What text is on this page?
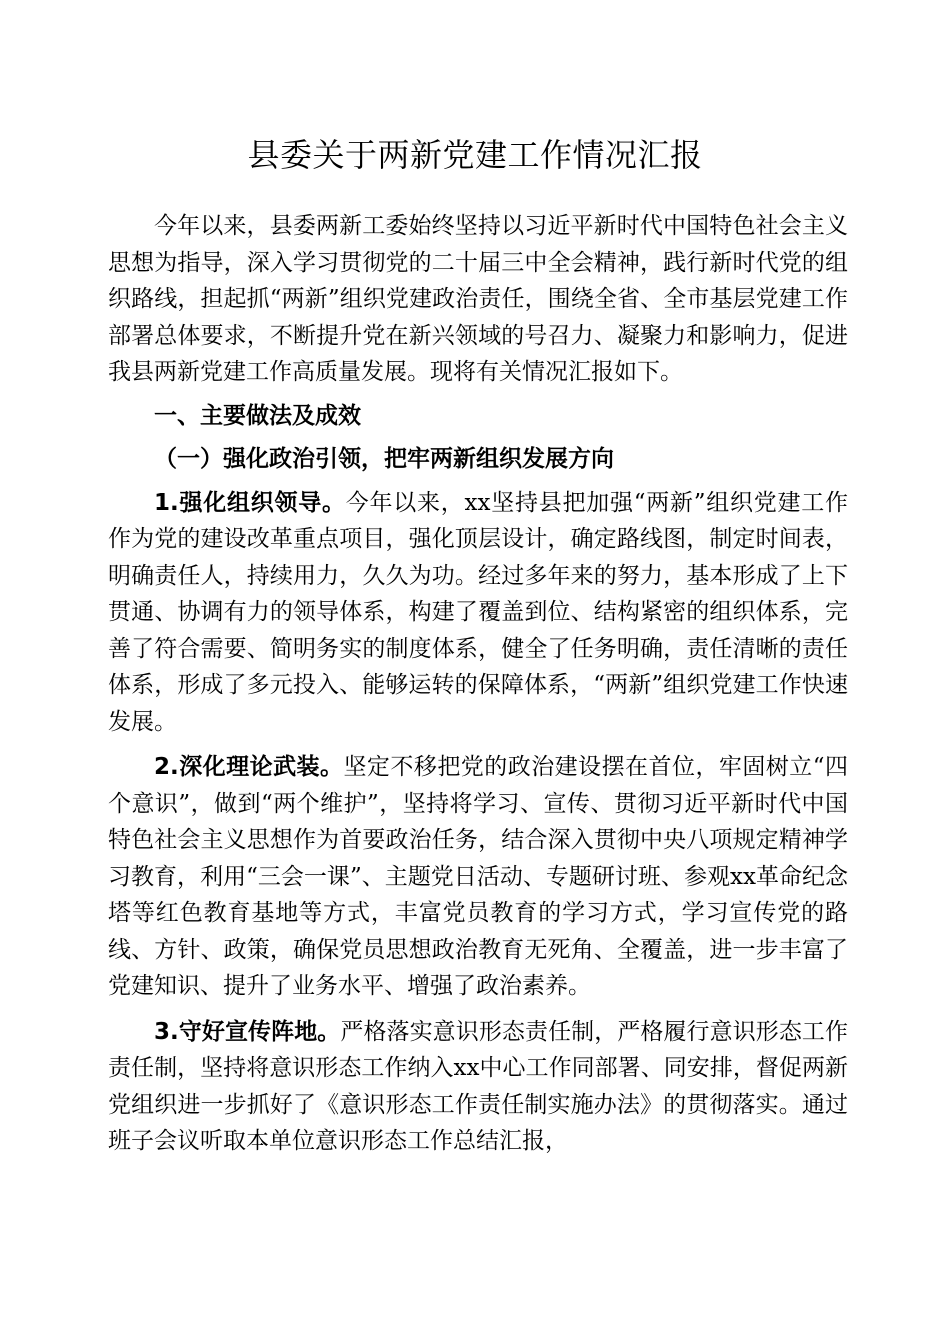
县委关于两新党建工作情况汇报

今年以来，县委两新工委始终坚持以习近平新时代中国特色社会主义思想为指导，深入学习贯彻党的二十届三中全会精神，践行新时代党的组织路线，担起抓“两新”组织党建政治责任，围绕全省、全市基层党建工作部署总体要求，不断提升党在新兴领域的号召力、凝聚力和影响力，促进我县两新党建工作高质量发展。现将有关情况汇报如下。

一、主要做法及成效

（一）强化政治引领，把牢两新组织发展方向

1.强化组织领导。今年以来，xx坚持县把加强“两新”组织党建工作作为党的建设改革重点项目，强化顶层设计，确定路线图，制定时间表，明确责任人，持续用力，久久为功。经过多年来的努力，基本形成了上下贯通、协调有力的领导体系，构建了覆盖到位、结构紧密的组织体系，完善了符合需要、简明务实的制度体系，健全了任务明确，责任清晰的责任体系，形成了多元投入、能够运转的保障体系，“两新”组织党建工作快速发展。

2.深化理论武装。坚定不移把党的政治建设摆在首位，牢固树立“四个意识”，做到“两个维护”，坚持将学习、宣传、贯彻习近平新时代中国特色社会主义思想作为首要政治任务，结合深入贯彻中央八项规定精神学习教育，利用“三会一课”、主题党日活动、专题研讨班、参观xx革命纪念塔等红色教育基地等方式，丰富党员教育的学习方式，学习宣传党的路线、方针、政策，确保党员思想政治教育无死角、全覆盖，进一步丰富了党建知识、提升了业务水平、增强了政治素养。

3.守好宣传阵地。严格落实意识形态责任制，严格履行意识形态工作责任制，坚持将意识形态工作纳入xx中心工作同部署、同安排，督促两新党组织进一步抓好了《意识形态工作责任制实施办法》的贯彻落实。通过班子会议听取本单位意识形态工作总结汇报，
